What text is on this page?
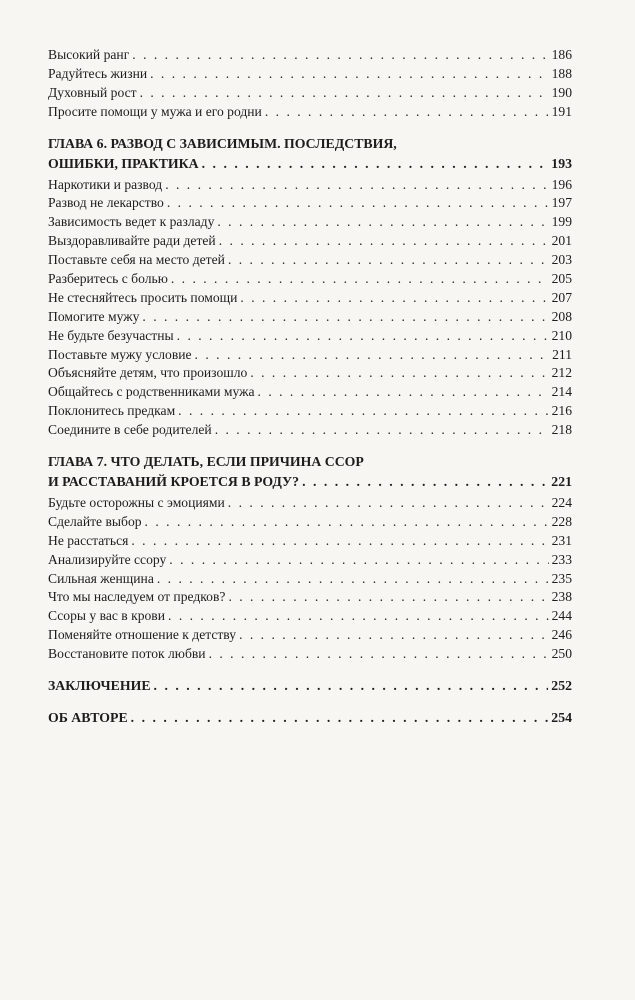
Высокий ранг . . .	186
Радуйтесь жизни . . .	188
Духовный рост . . .	190
Просите помощи у мужа и его родни . . .	191
ГЛАВА 6. РАЗВОД С ЗАВИСИМЫМ. ПОСЛЕДСТВИЯ,
ОШИБКИ, ПРАКТИКА . . .	193
Наркотики и развод . . .	196
Развод не лекарство . . .	197
Зависимость ведет к разладу . . .	199
Выздоравливайте ради детей . . .	201
Поставьте себя на место детей . . .	203
Разберитесь с болью . . .	205
Не стесняйтесь просить помощи . . .	207
Помогите мужу . . .	208
Не будьте безучастны . . .	210
Поставьте мужу условие . . .	211
Объясняйте детям, что произошло . . .	212
Общайтесь с родственниками мужа . . .	214
Поклонитесь предкам . . .	216
Соедините в себе родителей . . .	218
ГЛАВА 7. ЧТО ДЕЛАТЬ, ЕСЛИ ПРИЧИНА ССОР
И РАССТАВАНИЙ КРОЕТСЯ В РОДУ? . . .	221
Будьте осторожны с эмоциями . . .	224
Сделайте выбор . . .	228
Не расстаться . . .	231
Анализируйте ссору . . .	233
Сильная женщина . . .	235
Что мы наследуем от предков? . . .	238
Ссоры у вас в крови . . .	244
Поменяйте отношение к детству . . .	246
Восстановите поток любви . . .	250
ЗАКЛЮЧЕНИЕ . . .	252
ОБ АВТОРЕ . . .	254
